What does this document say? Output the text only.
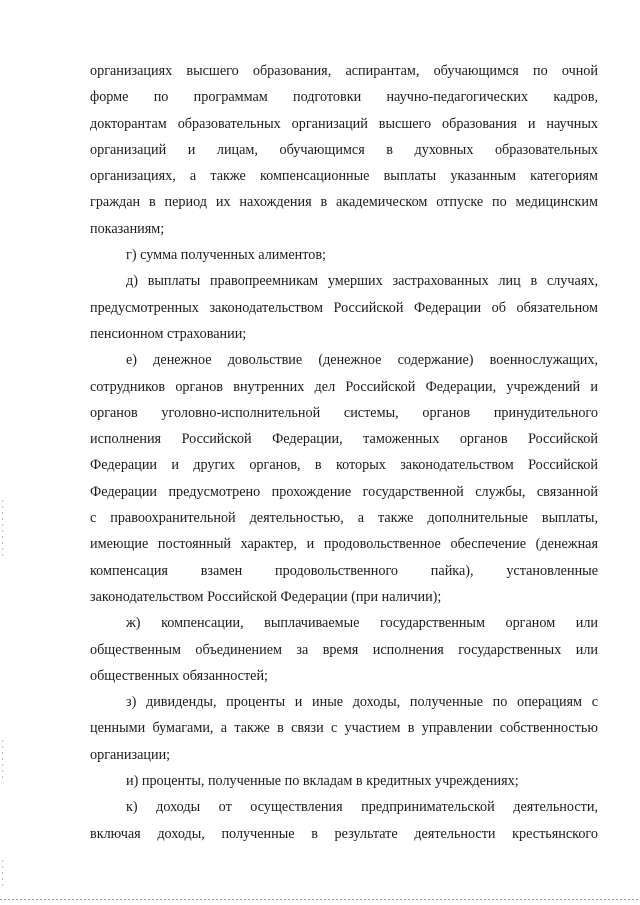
организациях высшего образования, аспирантам, обучающимся по очной
форме по программам подготовки научно-педагогических кадров,
докторантам образовательных организаций высшего образования и научных
организаций и лицам, обучающимся в духовных образовательных
организациях, а также компенсационные выплаты указанным категориям
граждан в период их нахождения в академическом отпуске по медицинским
показаниям;

г) сумма полученных алиментов;

д) выплаты правопреемникам умерших застрахованных лиц в случаях,
предусмотренных законодательством Российской Федерации об обязательном
пенсионном страховании;

е) денежное довольствие (денежное содержание) военнослужащих,
сотрудников органов внутренних дел Российской Федерации, учреждений и
органов уголовно-исполнительной системы, органов принудительного
исполнения Российской Федерации, таможенных органов Российской
Федерации и других органов, в которых законодательством Российской
Федерации предусмотрено прохождение государственной службы, связанной
с правоохранительной деятельностью, а также дополнительные выплаты,
имеющие постоянный характер, и продовольственное обеспечение (денежная
компенсация взамен продовольственного пайка), установленные
законодательством Российской Федерации (при наличии);

ж) компенсации, выплачиваемые государственным органом или
общественным объединением за время исполнения государственных или
общественных обязанностей;

з) дивиденды, проценты и иные доходы, полученные по операциям с
ценными бумагами, а также в связи с участием в управлении собственностью
организации;

и) проценты, полученные по вкладам в кредитных учреждениях;

к) доходы от осуществления предпринимательской деятельности,
включая доходы, полученные в результате деятельности крестьянского
